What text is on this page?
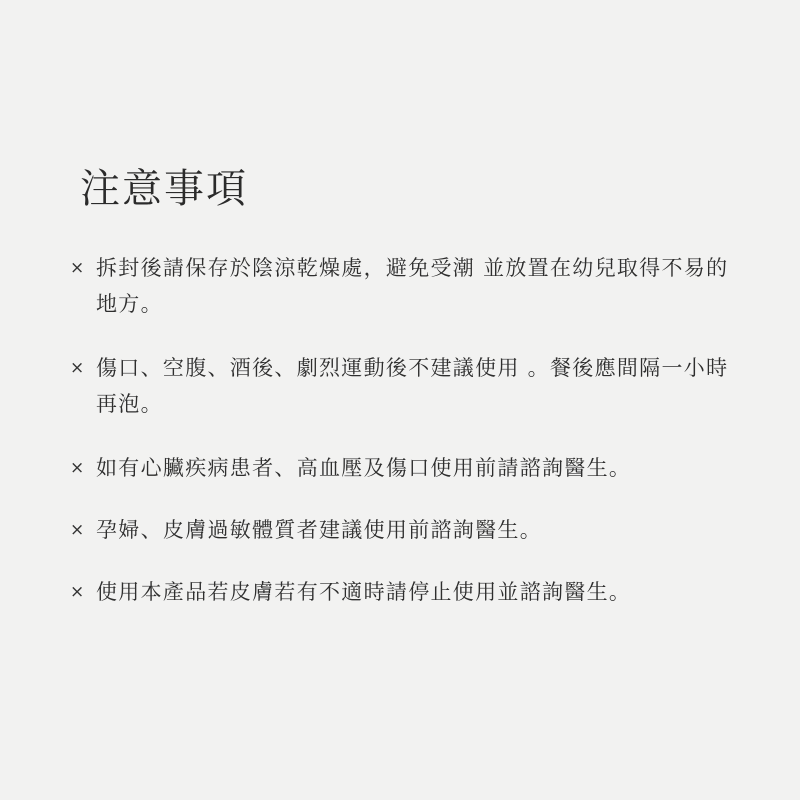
注意事項
× 拆封後請保存於陰涼乾燥處，避免受潮 並放置在幼兒取得不易的地方。
× 傷口、空腹、酒後、劇烈運動後不建議使用 。餐後應間隔一小時再泡。
× 如有心臟疾病患者、高血壓及傷口使用前請諮詢醫生。
× 孕婦、皮膚過敏體質者建議使用前諮詢醫生。
× 使用本產品若皮膚若有不適時請停止使用並諮詢醫生。
